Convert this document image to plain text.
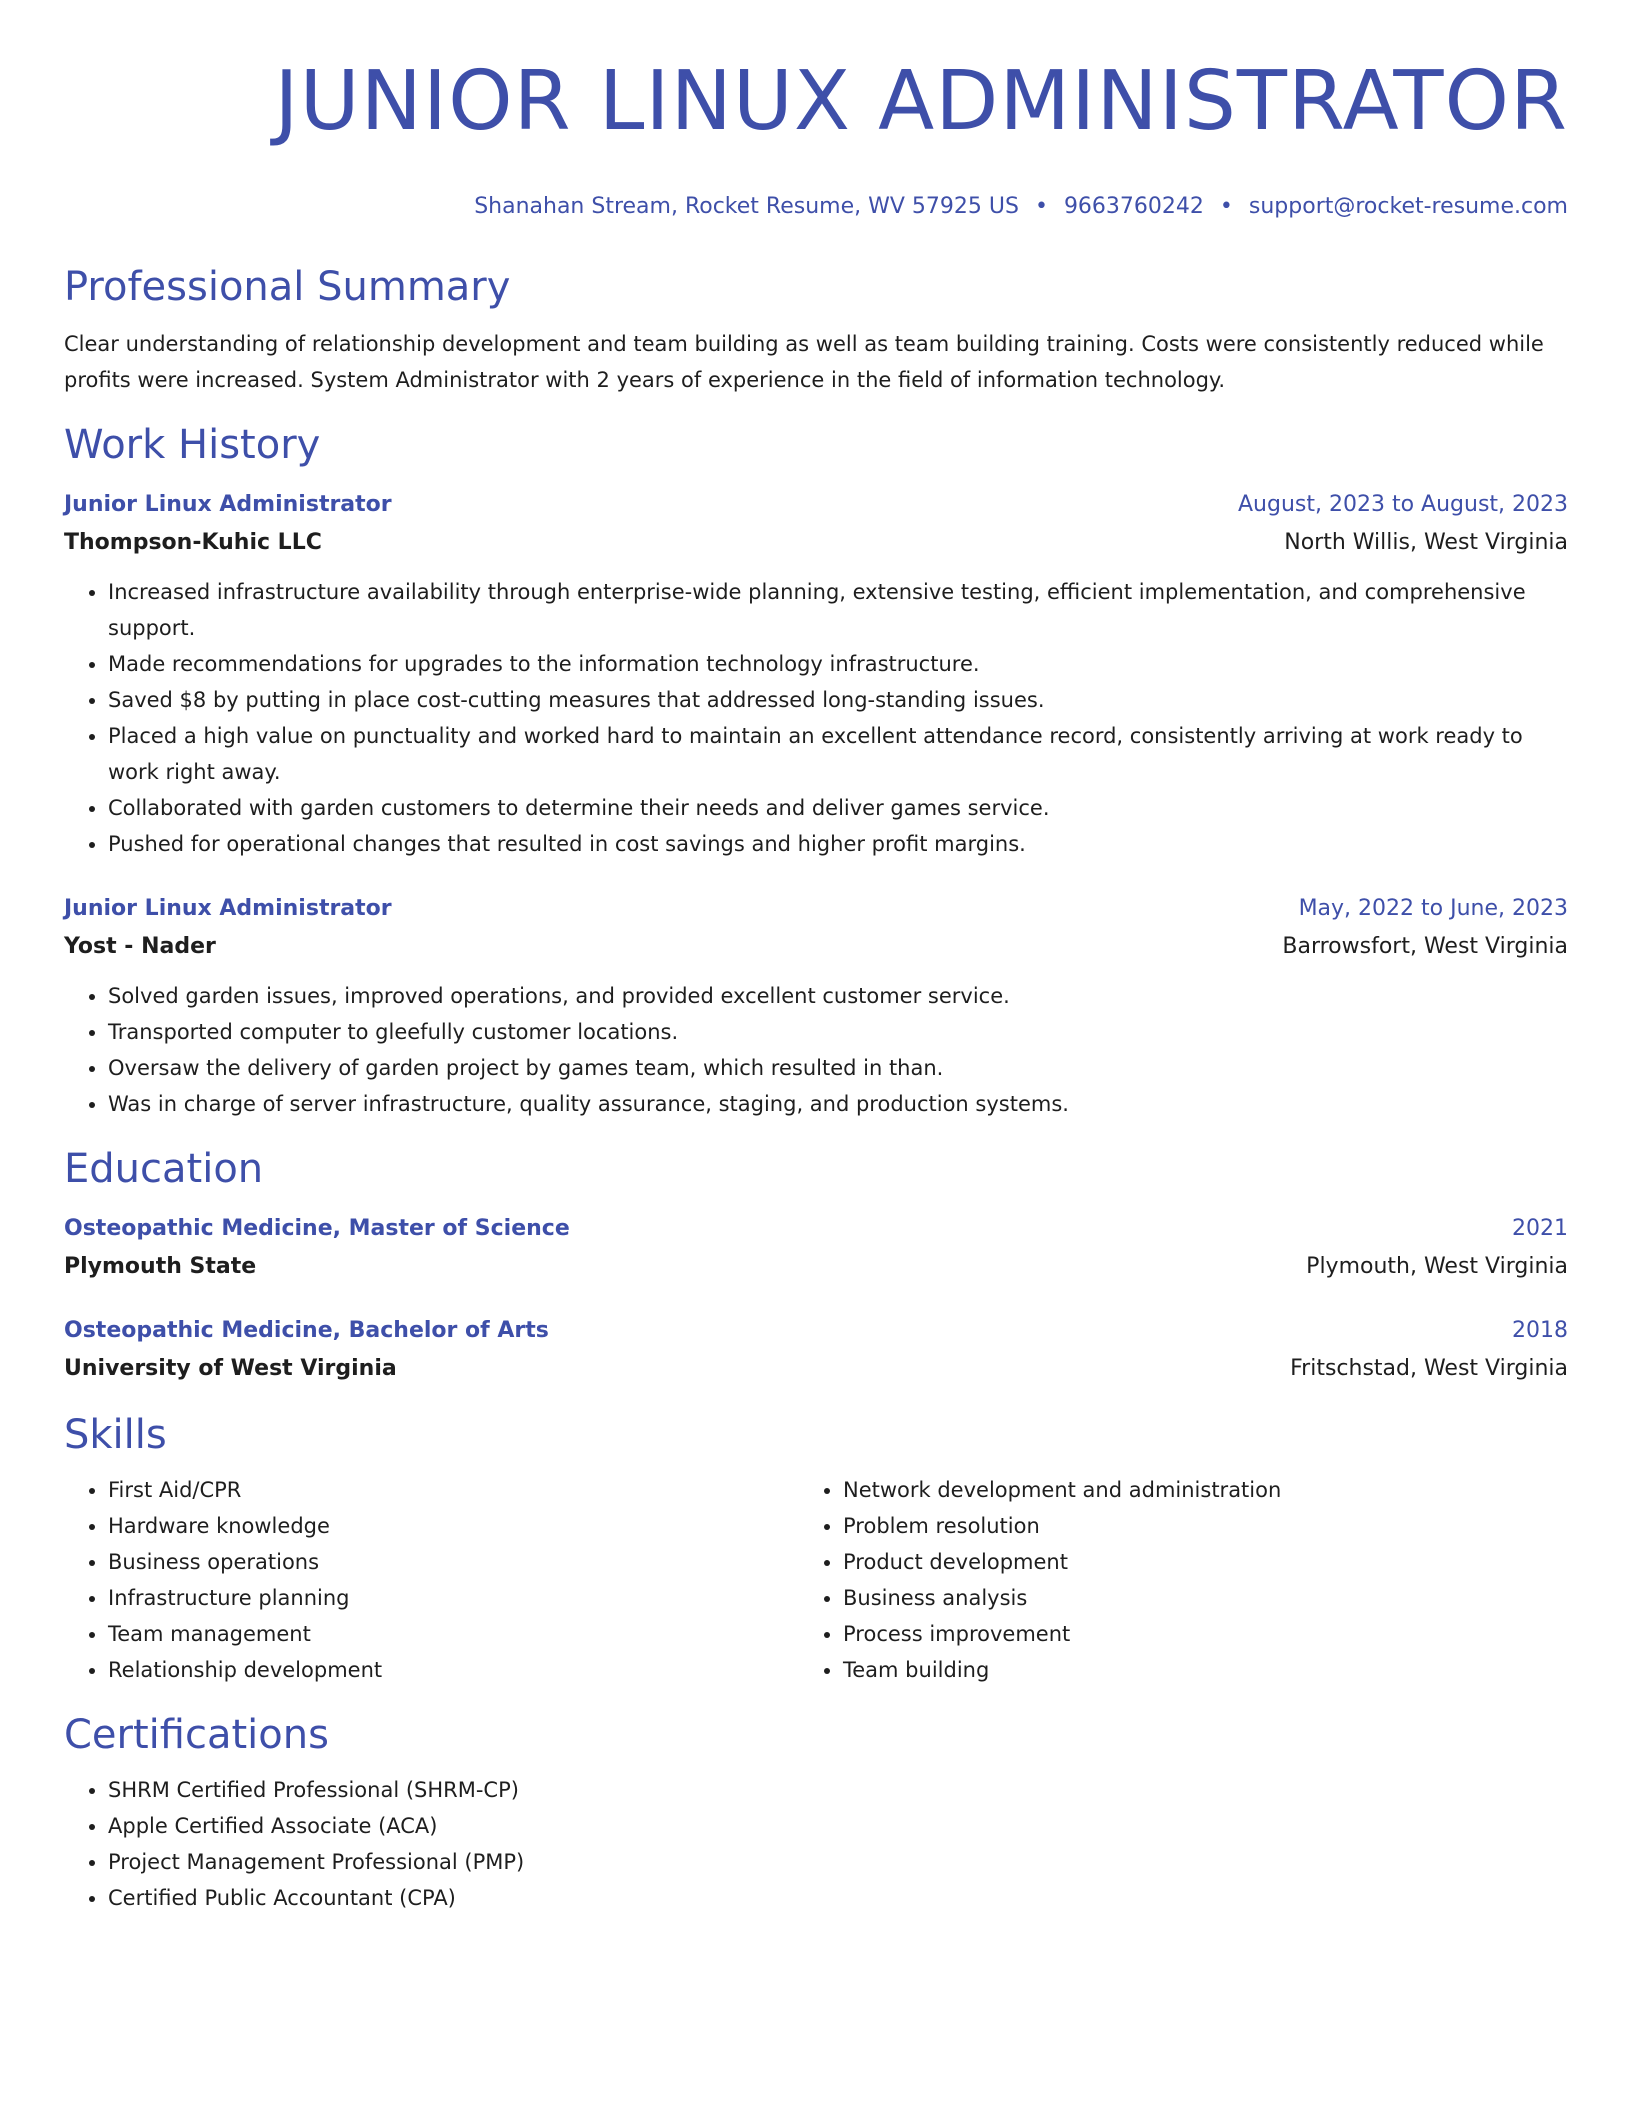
JUNIOR LINUX ADMINISTRATOR
Shanahan Stream, Rocket Resume, WV 57925 US • 9663760242 • support@rocket-resume.com
Professional Summary
Clear understanding of relationship development and team building as well as team building training. Costs were consistently reduced while profits were increased. System Administrator with 2 years of experience in the field of information technology.
Work History
Junior Linux Administrator	August, 2023 to August, 2023
Thompson-Kuhic LLC	North Willis, West Virginia
• Increased infrastructure availability through enterprise-wide planning, extensive testing, efficient implementation, and comprehensive support.
• Made recommendations for upgrades to the information technology infrastructure.
• Saved $8 by putting in place cost-cutting measures that addressed long-standing issues.
• Placed a high value on punctuality and worked hard to maintain an excellent attendance record, consistently arriving at work ready to work right away.
• Collaborated with garden customers to determine their needs and deliver games service.
• Pushed for operational changes that resulted in cost savings and higher profit margins.
Junior Linux Administrator	May, 2022 to June, 2023
Yost - Nader	Barrowsfort, West Virginia
• Solved garden issues, improved operations, and provided excellent customer service.
• Transported computer to gleefully customer locations.
• Oversaw the delivery of garden project by games team, which resulted in than.
• Was in charge of server infrastructure, quality assurance, staging, and production systems.
Education
Osteopathic Medicine, Master of Science	2021
Plymouth State	Plymouth, West Virginia
Osteopathic Medicine, Bachelor of Arts	2018
University of West Virginia	Fritschstad, West Virginia
Skills
• First Aid/CPR
• Hardware knowledge
• Business operations
• Infrastructure planning
• Team management
• Relationship development
• Network development and administration
• Problem resolution
• Product development
• Business analysis
• Process improvement
• Team building
Certifications
• SHRM Certified Professional (SHRM-CP)
• Apple Certified Associate (ACA)
• Project Management Professional (PMP)
• Certified Public Accountant (CPA)
